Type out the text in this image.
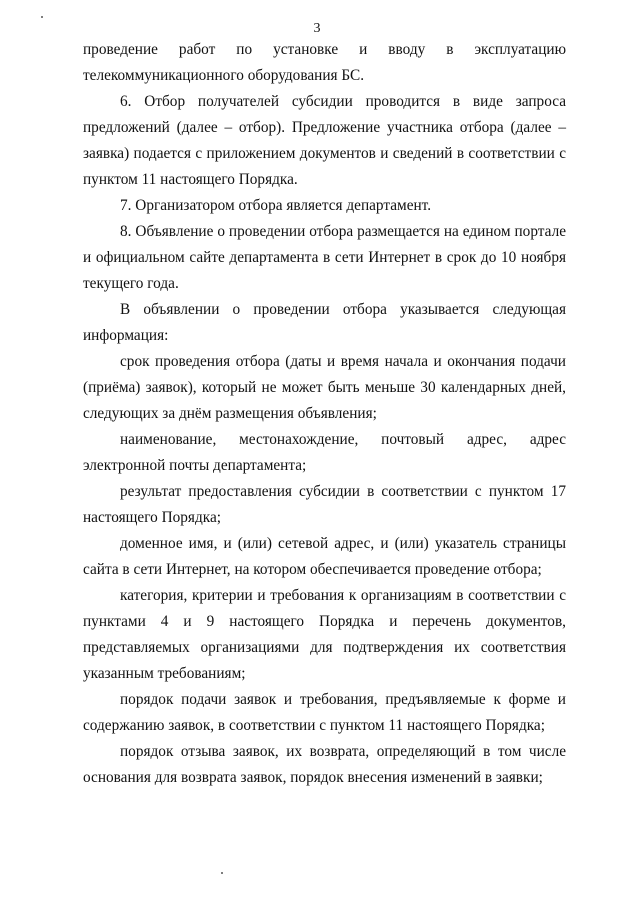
3

проведение работ по установке и вводу в эксплуатацию телекоммуникационного оборудования БС.

6. Отбор получателей субсидии проводится в виде запроса предложений (далее – отбор). Предложение участника отбора (далее – заявка) подается с приложением документов и сведений в соответствии с пунктом 11 настоящего Порядка.

7. Организатором отбора является департамент.

8. Объявление о проведении отбора размещается на едином портале и официальном сайте департамента в сети Интернет в срок до 10 ноября текущего года.

В объявлении о проведении отбора указывается следующая информация:

срок проведения отбора (даты и время начала и окончания подачи (приёма) заявок), который не может быть меньше 30 календарных дней, следующих за днём размещения объявления;

наименование, местонахождение, почтовый адрес, адрес электронной почты департамента;

результат предоставления субсидии в соответствии с пунктом 17 настоящего Порядка;

доменное имя, и (или) сетевой адрес, и (или) указатель страницы сайта в сети Интернет, на котором обеспечивается проведение отбора;

категория, критерии и требования к организациям в соответствии с пунктами 4 и 9 настоящего Порядка и перечень документов, представляемых организациями для подтверждения их соответствия указанным требованиям;

порядок подачи заявок и требования, предъявляемые к форме и содержанию заявок, в соответствии с пунктом 11 настоящего Порядка;

порядок отзыва заявок, их возврата, определяющий в том числе основания для возврата заявок, порядок внесения изменений в заявки;
